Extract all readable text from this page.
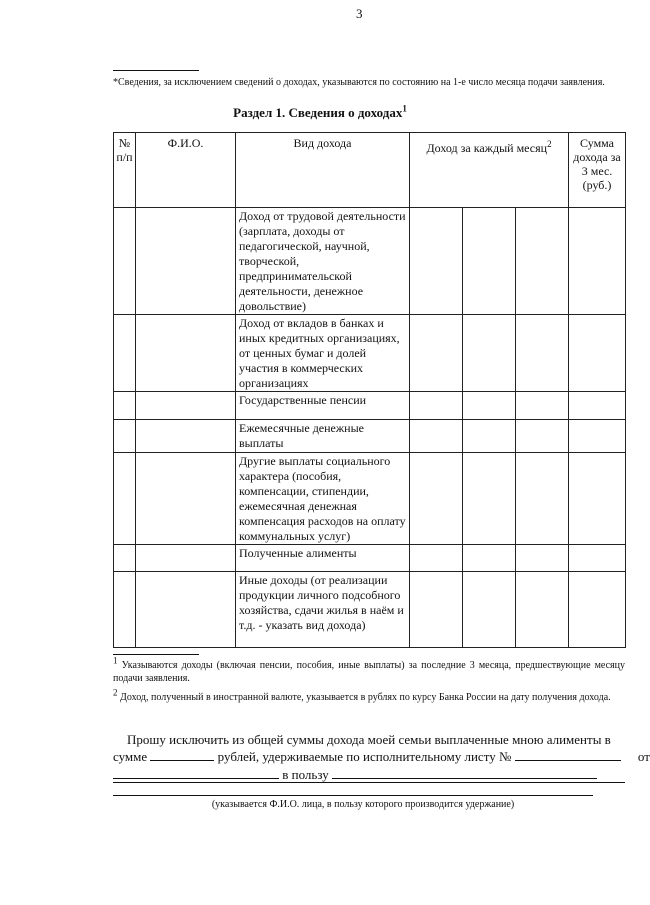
3
*Сведения, за исключением сведений о доходах, указываются по состоянию на 1-е число месяца подачи заявления.
Раздел 1. Сведения о доходах$^1$
№ п/п	Ф.И.О.	Вид дохода	Доход за каждый месяц$^2$			Сумма дохода за 3 мес. (руб.)
		Доход от трудовой деятельности (зарплата, доходы от педагогической, научной, творческой, предпринимательской деятельности, денежное довольствие)				
		Доход от вкладов в банках и иных кредитных организациях, от ценных бумаг и долей участия в коммерческих организациях				
		Государственные пенсии				
		Ежемесячные денежные выплаты				
		Другие выплаты социального характера (пособия, компенсации, стипендии, ежемесячная денежная компенсация расходов на оплату коммунальных услуг)				
		Полученные алименты				
		Иные доходы (от реализации продукции личного подсобного хозяйства, сдачи жилья в наём и т.д. - указать вид дохода)				
1 Указываются доходы (включая пенсии, пособия, иные выплаты) за последние 3 месяца, предшествующие месяцу подачи заявления.
2 Доход, полученный в иностранной валюте, указывается в рублях по курсу Банка России на дату получения дохода.
Прошу исключить из общей суммы дохода моей семьи выплаченные мною алименты в
сумме	рублей, удерживаемые по исполнительному листу №	от
в пользу
(указывается Ф.И.О. лица, в пользу которого производится удержание)
